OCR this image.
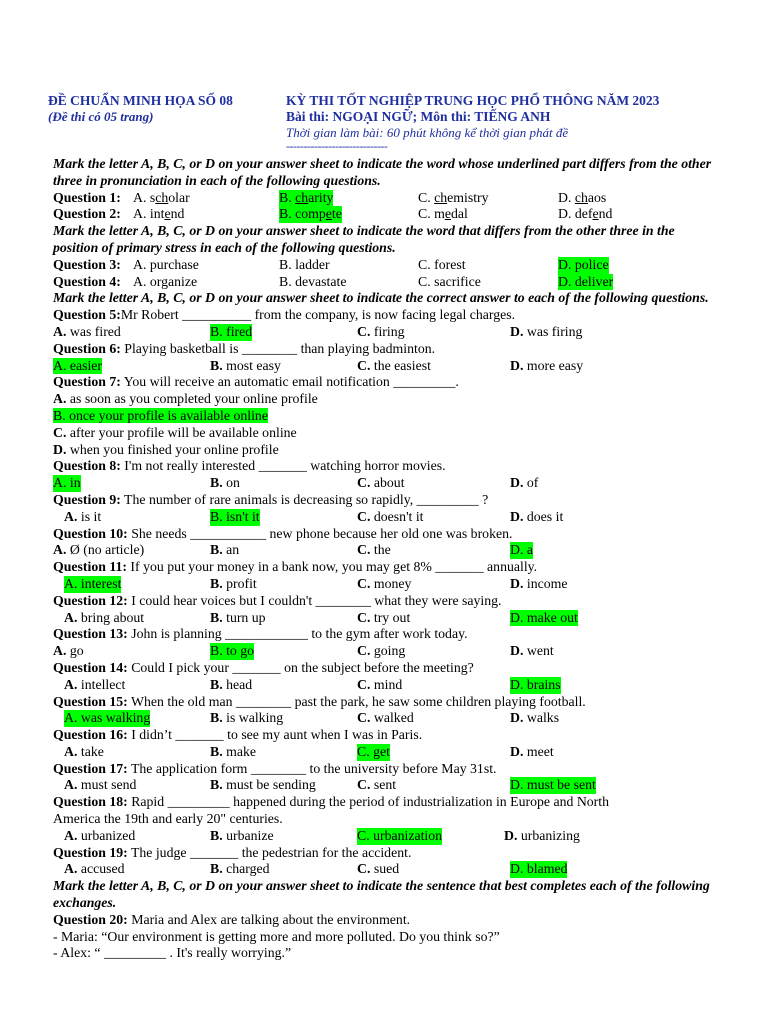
ĐỀ CHUẨN MINH HỌA SỐ 08
(Đề thi có 05 trang)
KỲ THI TỐT NGHIỆP TRUNG HỌC PHỔ THÔNG NĂM 2023
Bài thi: NGOẠI NGỮ; Môn thi: TIẾNG ANH
Thời gian làm bài: 60 phút không kể thời gian phát đề
-----------------------------
Mark the letter A, B, C, or D on your answer sheet to indicate the word whose underlined part differs from the other three in pronunciation in each of the following questions.
Question 1: A. scholar	B. charity	C. chemistry	D. chaos
Question 2: A. intend	B. compete	C. medal	D. defend
Mark the letter A, B, C, or D on your answer sheet to indicate the word that differs from the other three in the position of primary stress in each of the following questions.
Question 3: A. purchase	B. ladder	C. forest	D. police
Question 4: A. organize	B. devastate	C. sacrifice	D. deliver
Mark the letter A, B, C, or D on your answer sheet to indicate the correct answer to each of the following questions.
Question 5:Mr Robert __________ from the company, is now facing legal charges.
A. was fired	B. fired	C. firing	D. was firing
Question 6: Playing basketball is ________ than playing badminton.
A. easier	B. most easy	C. the easiest	D. more easy
Question 7: You will receive an automatic email notification _________.
A. as soon as you completed your online profile
B. once your profile is available online
C. after your profile will be available online
D. when you finished your online profile
Question 8: I'm not really interested _______ watching horror movies.
A. in	B. on	C. about	D. of
Question 9: The number of rare animals is decreasing so rapidly, _________ ?
A. is it	B. isn't it	C. doesn't it	D. does it
Question 10: She needs ___________ new phone because her old one was broken.
A. Ø (no article)	B. an	C. the	D. a
Question 11: If you put your money in a bank now, you may get 8% _______ annually.
A. interest	B. profit	C. money	D. income
Question 12: I could hear voices but I couldn't ________ what they were saying.
A. bring about	B. turn up	C. try out	D. make out
Question 13: John is planning ____________ to the gym after work today.
A. go	B. to go	C. going	D. went
Question 14: Could I pick your _______ on the subject before the meeting?
A. intellect	B. head	C. mind	D. brains
Question 15: When the old man ________ past the park, he saw some children playing football.
A. was walking	B. is walking	C. walked	D. walks
Question 16: I didn’t _______ to see my aunt when I was in Paris.
A. take	B. make	C. get	D. meet
Question 17: The application form ________ to the university before May 31st.
A. must send	B. must be sending	C. sent	D. must be sent
Question 18: Rapid _________ happened during the period of industrialization in Europe and North
America the 19th and early 20" centuries.
A. urbanized	B. urbanize	C. urbanization	D. urbanizing
Question 19: The judge _______ the pedestrian for the accident.
A. accused	B. charged	C. sued	D. blamed
Mark the letter A, B, C, or D on your answer sheet to indicate the sentence that best completes each of the following exchanges.
Question 20: Maria and Alex are talking about the environment.
- Maria: “Our environment is getting more and more polluted. Do you think so?”
- Alex: “ _________ . It's really worrying.”
